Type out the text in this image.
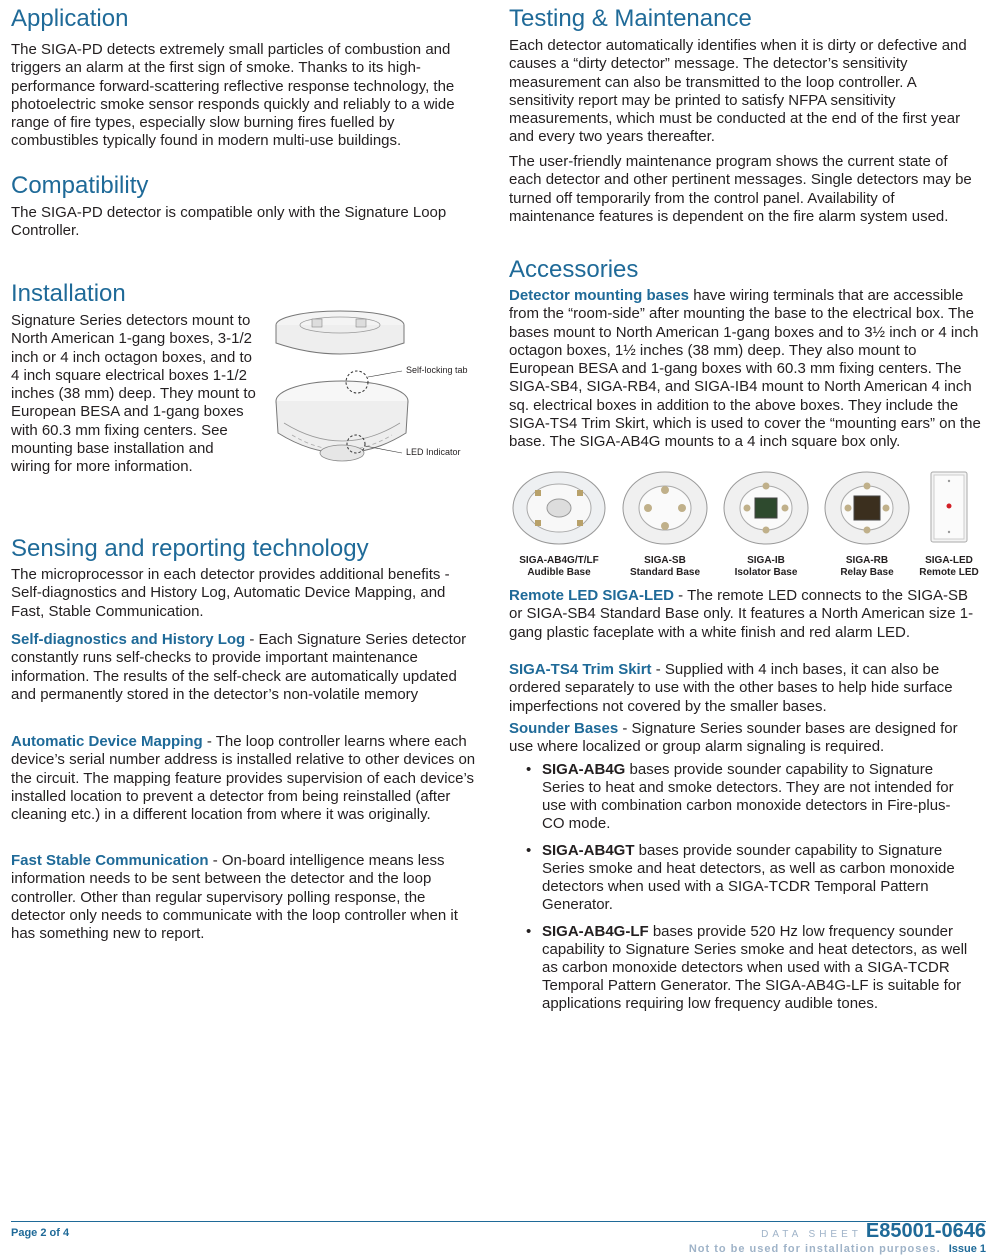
Application

The SIGA-PD detects extremely small particles of combustion and triggers an alarm at the first sign of smoke. Thanks to its high-performance forward-scattering reflective response technology, the photoelectric smoke sensor responds quickly and reliably to a wide range of fire types, especially slow burning fires fuelled by combustibles typically found in modern multi-use buildings.

Compatibility

The SIGA-PD detector is compatible only with the Signature Loop Controller.

Installation

Signature Series detectors mount to North American 1-gang boxes, 3-1/2 inch or 4 inch octagon boxes, and to 4 inch square electrical boxes 1-1/2 inches (38 mm) deep. They mount to European BESA and 1-gang boxes with 60.3 mm fixing centers. See mounting base installation and wiring for more information.

Sensing and reporting technology

The microprocessor in each detector provides additional benefits - Self-diagnostics and History Log, Automatic Device Mapping, and Fast, Stable Communication.

Self-diagnostics and History Log - Each Signature Series detector constantly runs self-checks to provide important maintenance information. The results of the self-check are automatically updated and permanently stored in the detector’s non-volatile memory

Automatic Device Mapping - The loop controller learns where each device’s serial number address is installed relative to other devices on the circuit. The mapping feature provides supervision of each device’s installed location to prevent a detector from being reinstalled (after cleaning etc.) in a different location from where it was originally.

Fast Stable Communication - On-board intelligence means less information needs to be sent between the detector and the loop controller. Other than regular supervisory polling response, the detector only needs to communicate with the loop controller when it has something new to report.

Self-locking tab
LED Indicator
Testing & Maintenance

Each detector automatically identifies when it is dirty or defective and causes a “dirty detector” message. The detector’s sensitivity measurement can also be transmitted to the loop controller. A sensitivity report may be printed to satisfy NFPA sensitivity measurements, which must be conducted at the end of the first year and every two years thereafter.

The user-friendly maintenance program shows the current state of each detector and other pertinent messages. Single detectors may be turned off temporarily from the control panel. Availability of maintenance features is dependent on the fire alarm system used.

Accessories

Detector mounting bases have wiring terminals that are accessible from the “room-side” after mounting the base to the electrical box. The bases mount to North American 1-gang boxes and to 3½ inch or 4 inch octagon boxes, 1½ inches (38 mm) deep. They also mount to European BESA and 1-gang boxes with 60.3 mm fixing centers. The SIGA-SB4, SIGA-RB4, and SIGA-IB4 mount to North American 4 inch sq. electrical boxes in addition to the above boxes. They include the SIGA-TS4 Trim Skirt, which is used to cover the “mounting ears” on the base. The SIGA-AB4G mounts to a 4 inch square box only.

Remote LED SIGA-LED - The remote LED connects to the SIGA-SB or SIGA-SB4 Standard Base only. It features a North American size 1-gang plastic faceplate with a white finish and red alarm LED.

SIGA-TS4 Trim Skirt - Supplied with 4 inch bases, it can also be ordered separately to use with the other bases to help hide surface imperfections not covered by the smaller bases.

Sounder Bases - Signature Series sounder bases are designed for use where localized or group alarm signaling is required.

• SIGA-AB4G bases provide sounder capability to Signature Series to heat and smoke detectors. They are not intended for use with combination carbon monoxide detectors in Fire-plus-CO mode.
• SIGA-AB4GT bases provide sounder capability to Signature Series smoke and heat detectors, as well as carbon monoxide detectors when used with a SIGA-TCDR Temporal Pattern Generator.
• SIGA-AB4G-LF bases provide 520 Hz low frequency sounder capability to Signature Series smoke and heat detectors, as well as carbon monoxide detectors when used with a SIGA-TCDR Temporal Pattern Generator. The SIGA-AB4G-LF is suitable for applications requiring low frequency audible tones.
SIGA-AB4G/T/LF
Audible Base
SIGA-SB
Standard Base
SIGA-IB
Isolator Base
SIGA-RB
Relay Base
SIGA-LED
Remote LED
Page 2 of 4	DATA SHEET E85001-0646
Not to be used for installation purposes. Issue 1
